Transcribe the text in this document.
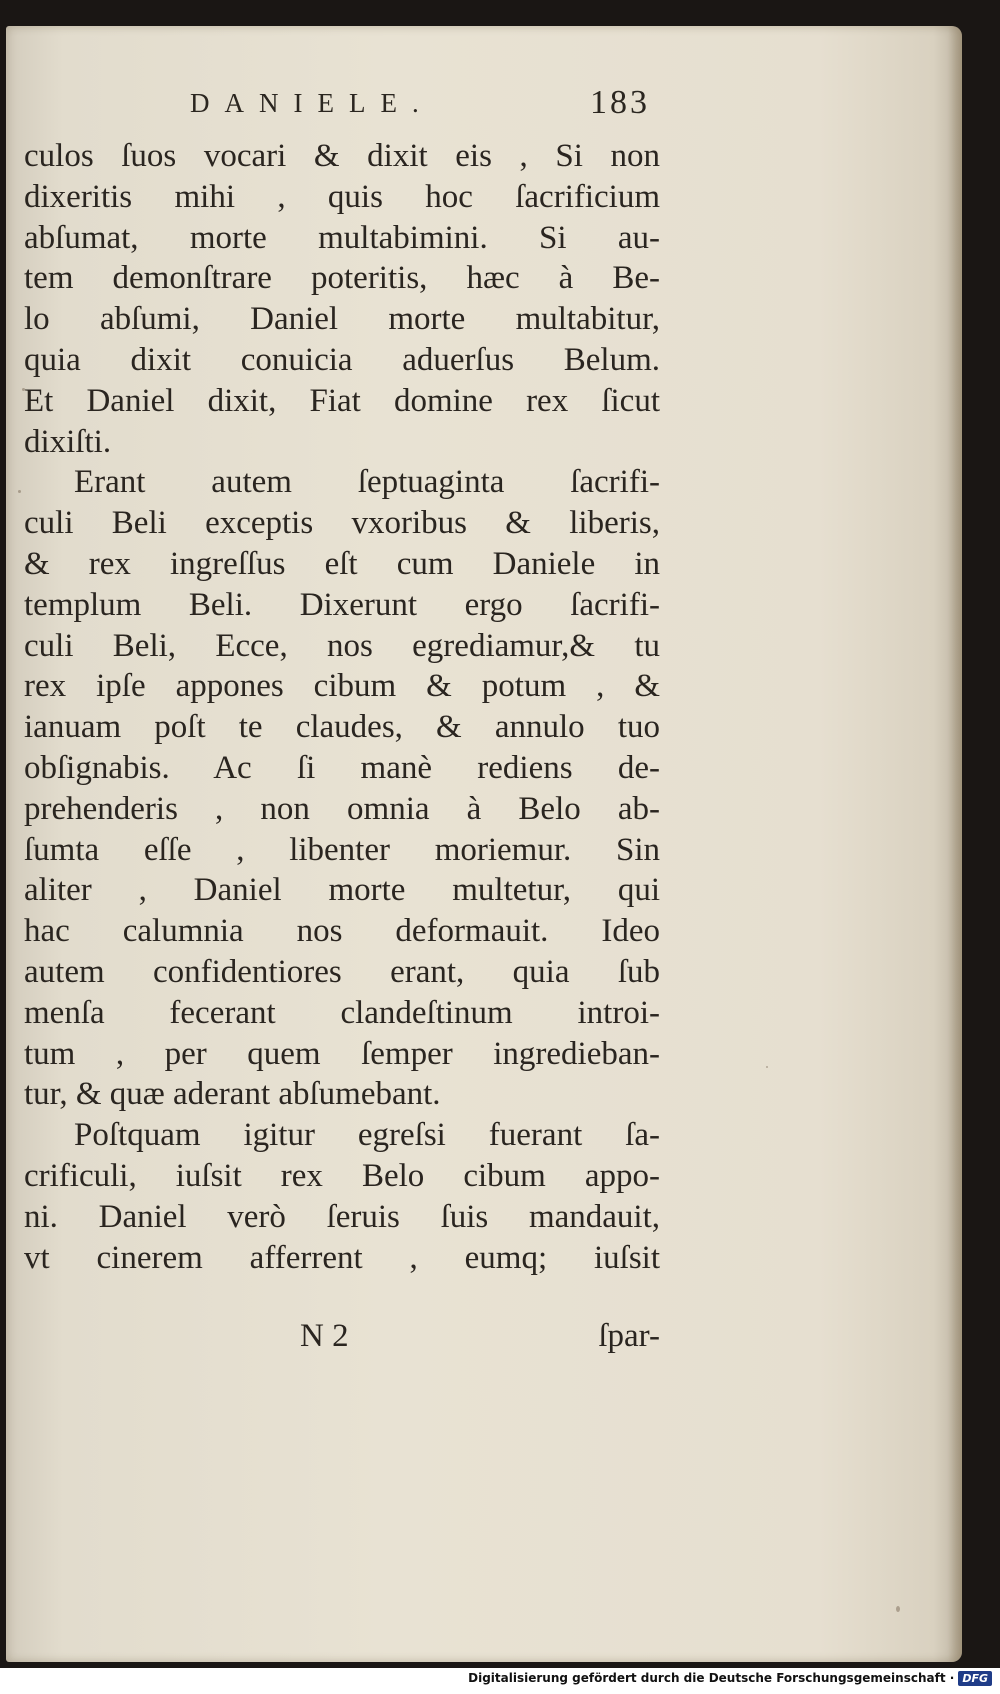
DANIELE.	183
culos ſuos vocari & dixit eis , Si non
dixeritis mihi , quis hoc ſacrificium
abſumat, morte multabimini. Si au-
tem demonſtrare poteritis, hæc à Be-
lo abſumi, Daniel morte multabitur,
quia dixit conuicia aduerſus Belum.
Et Daniel dixit, Fiat domine rex ſicut
dixiſti.
Erant autem ſeptuaginta ſacrifi-
culi Beli exceptis vxoribus & liberis,
& rex ingreſſus eſt cum Daniele in
templum Beli. Dixerunt ergo ſacrifi-
culi Beli, Ecce, nos egrediamur,& tu
rex ipſe appones cibum & potum , &
ianuam poſt te claudes, & annulo tuo
obſignabis. Ac ſi manè rediens de-
prehenderis , non omnia à Belo ab-
ſumta eſſe , libenter moriemur. Sin
aliter , Daniel morte multetur, qui
hac calumnia nos deformauit. Ideo
autem confidentiores erant, quia ſub
menſa fecerant clandeſtinum introi-
tum , per quem ſemper ingredieban-
tur, & quæ aderant abſumebant.
Poſtquam igitur egreſsi fuerant ſa-
crificuli, iuſsit rex Belo cibum appo-
ni. Daniel verò ſeruis ſuis mandauit,
vt cinerem afferrent , eumq; iuſsit
N 2	ſpar-
Digitalisierung gefördert durch die Deutsche Forschungsgemeinschaft · DFG
